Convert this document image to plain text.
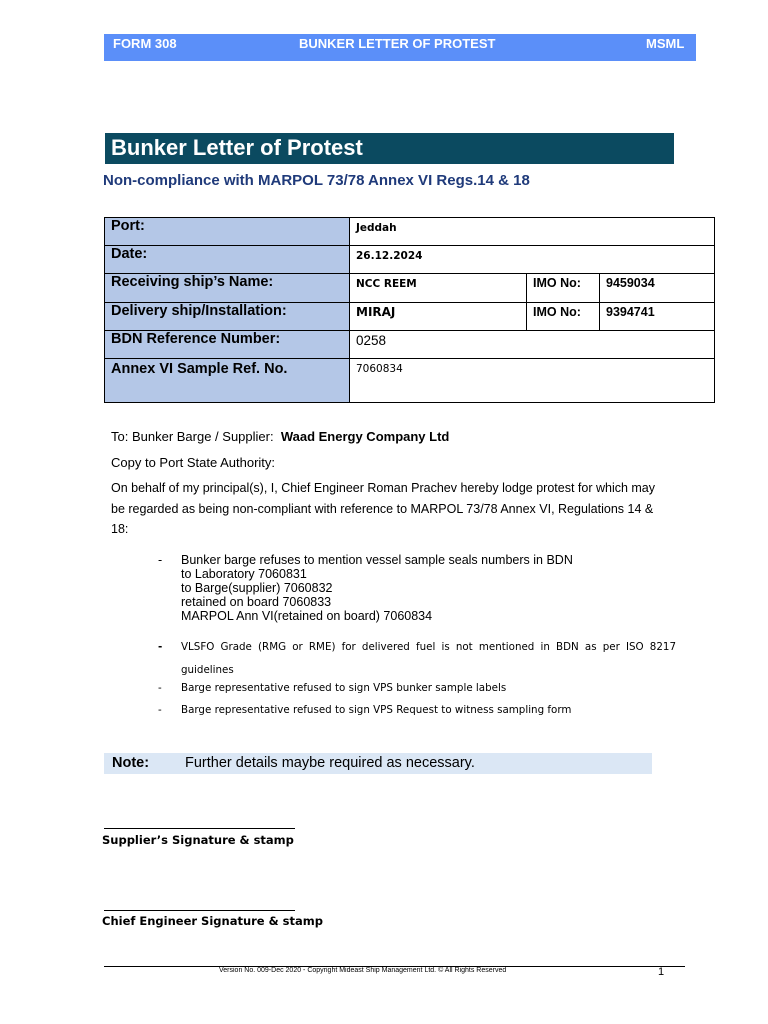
FORM 308	BUNKER LETTER OF PROTEST	MSML
Bunker Letter of Protest
Non-compliance with MARPOL 73/78 Annex VI Regs.14 & 18
Port:	Jeddah		
Date:	26.12.2024		
Receiving ship’s Name:	NCC REEM	IMO No:	9459034
Delivery ship/Installation:	MIRAJ	IMO No:	9394741
BDN Reference Number:	0258		
Annex VI Sample Ref. No.	7060834		
To: Bunker Barge / Supplier: Waad Energy Company Ltd
Copy to Port State Authority:
On behalf of my principal(s), I, Chief Engineer Roman Prachev hereby lodge protest for which may
be regarded as being non-compliant with reference to MARPOL 73/78 Annex VI, Regulations 14 &
18:
- Bunker barge refuses to mention vessel sample seals numbers in BDN
to Laboratory 7060831
to Barge(supplier) 7060832
retained on board 7060833
MARPOL Ann VI(retained on board) 7060834
- VLSFO Grade (RMG or RME) for delivered fuel is not mentioned in BDN as per ISO 8217
guidelines
- Barge representative refused to sign VPS bunker sample labels
- Barge representative refused to sign VPS Request to witness sampling form
Note: Further details maybe required as necessary.
Supplier’s Signature & stamp
Chief Engineer Signature & stamp
Version No. 009-Dec 2020 - Copyright Mideast Ship Management Ltd. © All Rights Reserved	1
